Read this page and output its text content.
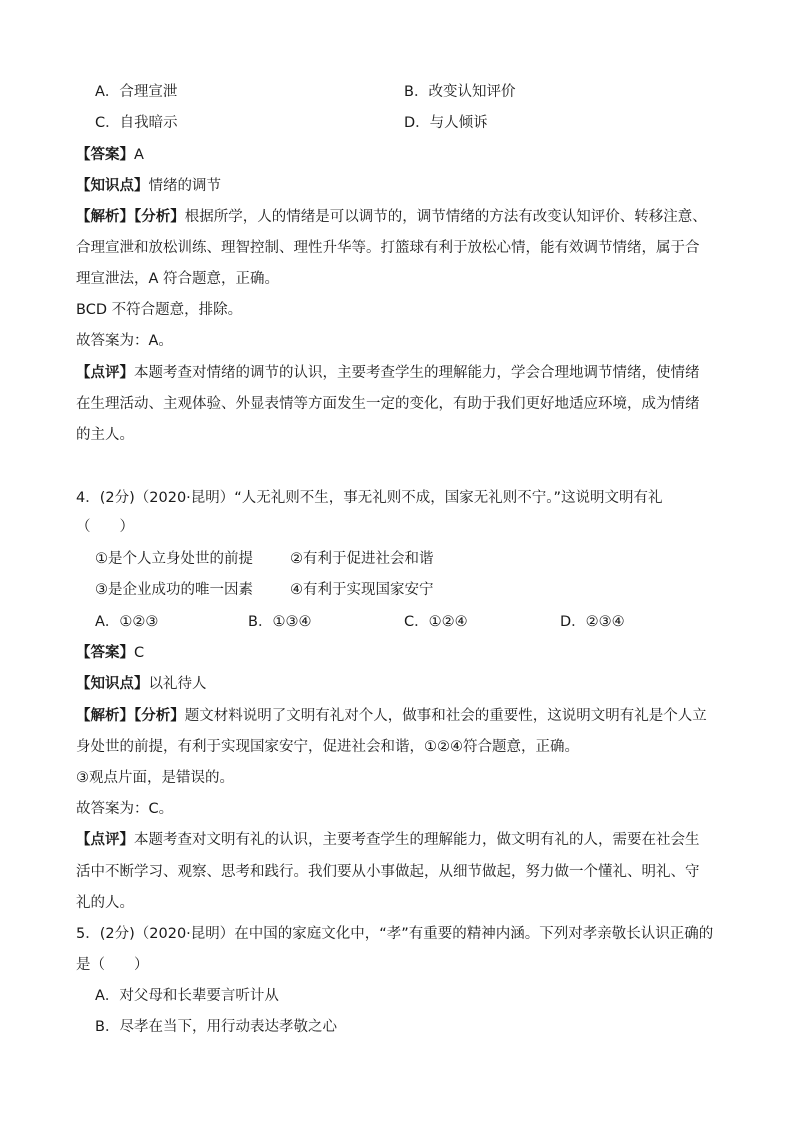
A．合理宣泄	B．改变认知评价
C．自我暗示	D．与人倾诉
【答案】A
【知识点】情绪的调节
【解析】【分析】根据所学，人的情绪是可以调节的，调节情绪的方法有改变认知评价、转移注意、
合理宣泄和放松训练、理智控制、理性升华等。打篮球有利于放松心情，能有效调节情绪，属于合
理宣泄法，A 符合题意，正确。
BCD 不符合题意，排除。
故答案为：A。
【点评】本题考查对情绪的调节的认识，主要考查学生的理解能力，学会合理地调节情绪，使情绪
在生理活动、主观体验、外显表情等方面发生一定的变化，有助于我们更好地适应环境，成为情绪
的主人。
4．(2分)（2020·昆明）“人无礼则不生，事无礼则不成，国家无礼则不宁。”这说明文明有礼
（　　）
①是个人立身处世的前提	②有利于促进社会和谐
③是企业成功的唯一因素	④有利于实现国家安宁
A．①②③	B．①③④	C．①②④	D．②③④
【答案】C
【知识点】以礼待人
【解析】【分析】题文材料说明了文明有礼对个人，做事和社会的重要性，这说明文明有礼是个人立
身处世的前提，有利于实现国家安宁，促进社会和谐，①②④符合题意，正确。
③观点片面，是错误的。
故答案为：C。
【点评】本题考查对文明有礼的认识，主要考查学生的理解能力，做文明有礼的人，需要在社会生
活中不断学习、观察、思考和践行。我们要从小事做起，从细节做起，努力做一个懂礼、明礼、守
礼的人。
5．(2分)（2020·昆明）在中国的家庭文化中，“孝”有重要的精神内涵。下列对孝亲敬长认识正确的
是（　　）
A．对父母和长辈要言听计从
B．尽孝在当下，用行动表达孝敬之心
